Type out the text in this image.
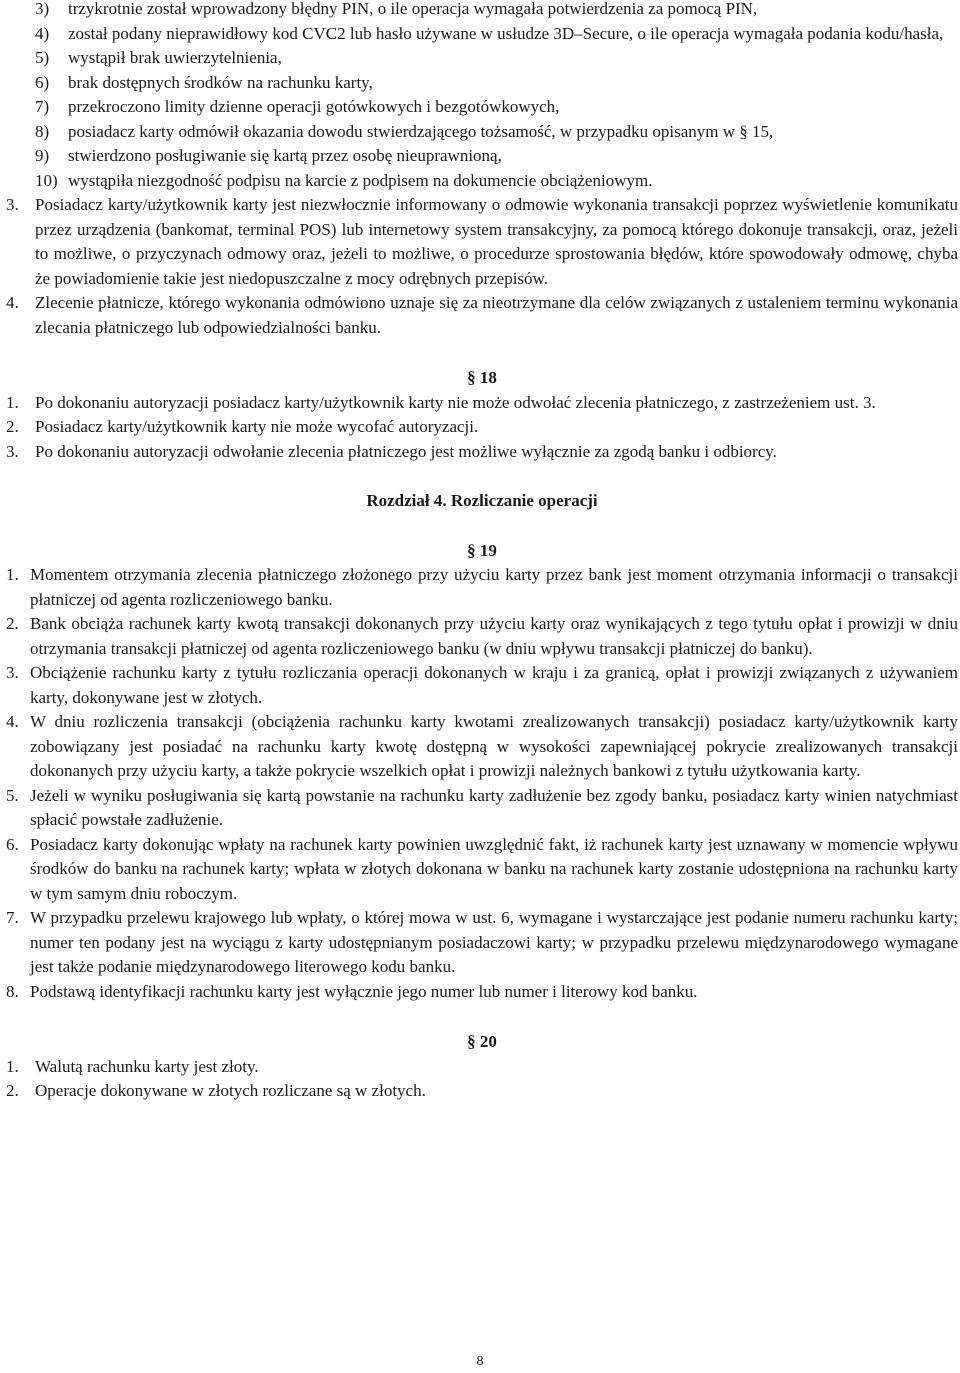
3)	trzykrotnie został wprowadzony błędny PIN, o ile operacja wymagała potwierdzenia za pomocą PIN,
4)	został podany nieprawidłowy kod CVC2 lub hasło używane w usłudze 3D–Secure, o ile operacja wymagała podania kodu/hasła,
5)	wystąpił brak uwierzytelnienia,
6)	brak dostępnych środków na rachunku karty,
7)	przekroczono limity dzienne operacji gotówkowych i bezgotówkowych,
8)	posiadacz karty odmówił okazania dowodu stwierdzającego tożsamość, w przypadku opisanym w § 15,
9)	stwierdzono posługiwanie się kartą przez osobę nieuprawnioną,
10) wystąpiła niezgodność podpisu na karcie z podpisem na dokumencie obciążeniowym.
3. Posiadacz karty/użytkownik karty jest niezwłocznie informowany o odmowie wykonania transakcji poprzez wyświetlenie komunikatu przez urządzenia (bankomat, terminal POS) lub internetowy system transakcyjny, za pomocą którego dokonuje transakcji, oraz, jeżeli to możliwe, o przyczynach odmowy oraz, jeżeli to możliwe, o procedurze sprostowania błędów, które spowodowały odmowę, chyba że powiadomienie takie jest niedopuszczalne z mocy odrębnych przepisów.
4. Zlecenie płatnicze, którego wykonania odmówiono uznaje się za nieotrzymane dla celów związanych z ustaleniem terminu wykonania zlecania płatniczego lub odpowiedzialności banku.
§ 18
1. Po dokonaniu autoryzacji posiadacz karty/użytkownik karty nie może odwołać zlecenia płatniczego, z zastrzeżeniem ust. 3.
2. Posiadacz karty/użytkownik karty nie może wycofać autoryzacji.
3. Po dokonaniu autoryzacji odwołanie zlecenia płatniczego jest możliwe wyłącznie za zgodą banku i odbiorcy.
Rozdział 4. Rozliczanie operacji
§ 19
1. Momentem otrzymania zlecenia płatniczego złożonego przy użyciu karty przez bank jest moment otrzymania informacji o transakcji płatniczej od agenta rozliczeniowego banku.
2. Bank obciąża rachunek karty kwotą transakcji dokonanych przy użyciu karty oraz wynikających z tego tytułu opłat i prowizji w dniu otrzymania transakcji płatniczej od agenta rozliczeniowego banku (w dniu wpływu transakcji płatniczej do banku).
3. Obciążenie rachunku karty z tytułu rozliczania operacji dokonanych w kraju i za granicą, opłat i prowizji związanych z używaniem karty, dokonywane jest w złotych.
4. W dniu rozliczenia transakcji (obciążenia rachunku karty kwotami zrealizowanych transakcji) posiadacz karty/użytkownik karty zobowiązany jest posiadać na rachunku karty kwotę dostępną w wysokości zapewniającej pokrycie zrealizowanych transakcji dokonanych przy użyciu karty, a także pokrycie wszelkich opłat i prowizji należnych bankowi z tytułu użytkowania karty.
5. Jeżeli w wyniku posługiwania się kartą powstanie na rachunku karty zadłużenie bez zgody banku, posiadacz karty winien natychmiast spłacić powstałe zadłużenie.
6. Posiadacz karty dokonując wpłaty na rachunek karty powinien uwzględnić fakt, iż rachunek karty jest uznawany w momencie wpływu środków do banku na rachunek karty; wpłata w złotych dokonana w banku na rachunek karty zostanie udostępniona na rachunku karty w tym samym dniu roboczym.
7. W przypadku przelewu krajowego lub wpłaty, o której mowa w ust. 6, wymagane i wystarczające jest podanie numeru rachunku karty; numer ten podany jest na wyciągu z karty udostępnianym posiadaczowi karty; w przypadku przelewu międzynarodowego wymagane jest także podanie międzynarodowego literowego kodu banku.
8. Podstawą identyfikacji rachunku karty jest wyłącznie jego numer lub numer i literowy kod banku.
§ 20
1. Walutą rachunku karty jest złoty.
2. Operacje dokonywane w złotych rozliczane są w złotych.
8
